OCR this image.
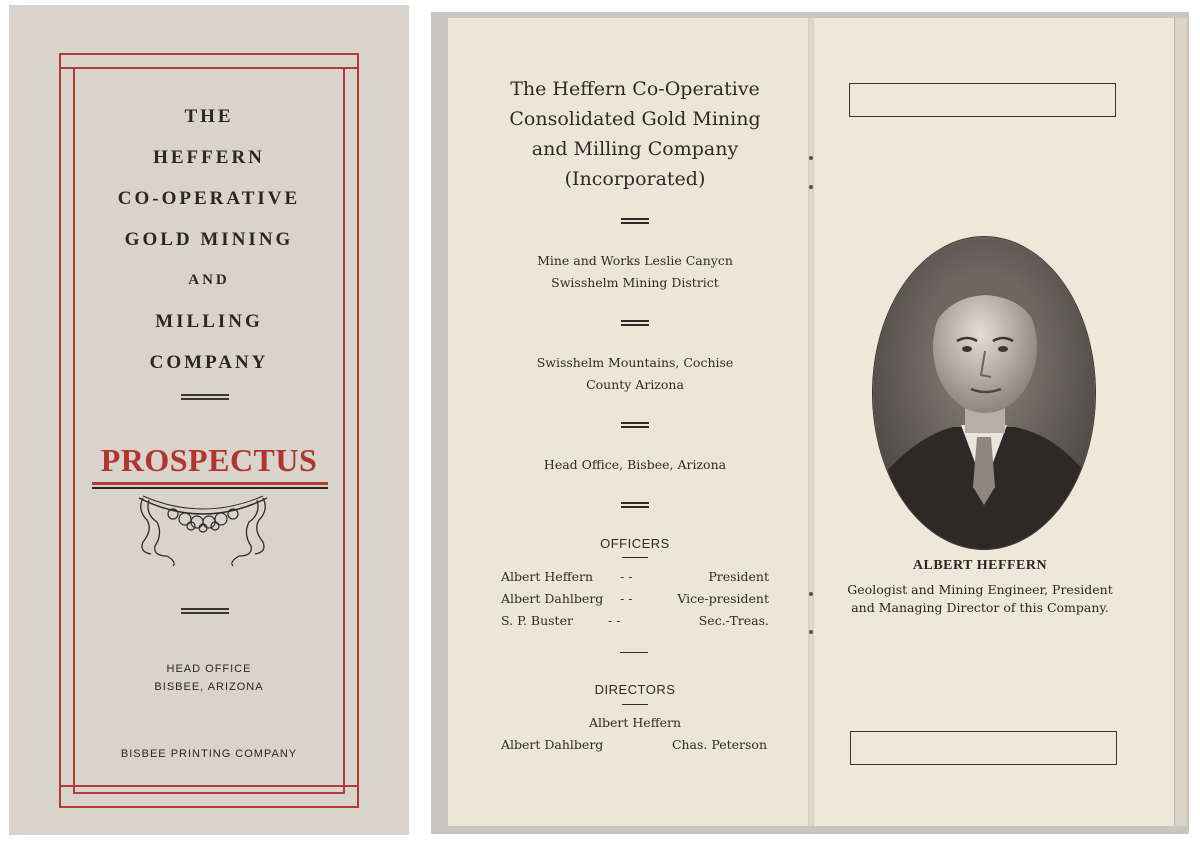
THE
HEFFERN
CO-OPERATIVE
GOLD MINING
AND
MILLING
COMPANY
PROSPECTUS
HEAD OFFICE
BISBEE, ARIZONA
BISBEE PRINTING COMPANY
The Heffern Co-Operative
Consolidated Gold Mining
and Milling Company
(Incorporated)
Mine and Works Leslie Canycn
Swisshelm Mining District
Swisshelm Mountains, Cochise
County Arizona
Head Office, Bisbee, Arizona
OFFICERS
Albert Heffern - -	President
Albert Dahlberg - -	Vice-president
S. P. Buster	- -	Sec.-Treas.
DIRECTORS
Albert Heffern
Albert Dahlberg	Chas. Peterson
ALBERT HEFFERN
Geologist and Mining Engineer, President
and Managing Director of this Company.
